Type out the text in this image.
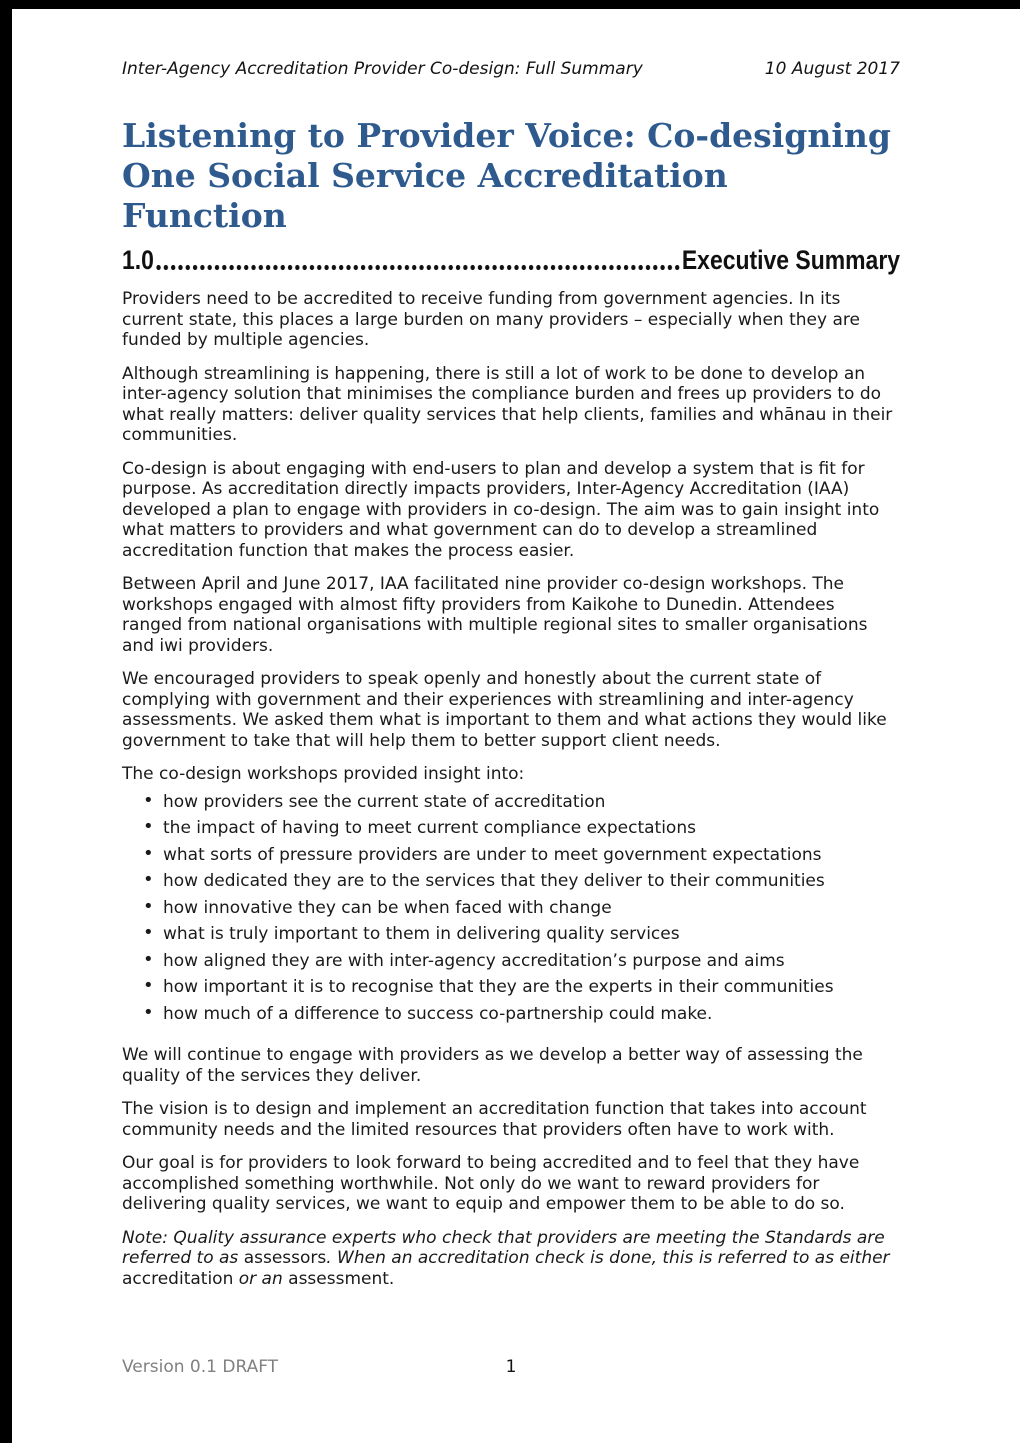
Inter-Agency Accreditation Provider Co-design: Full Summary	10 August 2017
Listening to Provider Voice: Co-designing One Social Service Accreditation Function
1.0	Executive Summary

Providers need to be accredited to receive funding from government agencies. In its current state, this places a large burden on many providers – especially when they are funded by multiple agencies.

Although streamlining is happening, there is still a lot of work to be done to develop an inter-agency solution that minimises the compliance burden and frees up providers to do what really matters: deliver quality services that help clients, families and whānau in their communities.

Co-design is about engaging with end-users to plan and develop a system that is fit for purpose. As accreditation directly impacts providers, Inter-Agency Accreditation (IAA) developed a plan to engage with providers in co-design. The aim was to gain insight into what matters to providers and what government can do to develop a streamlined accreditation function that makes the process easier.

Between April and June 2017, IAA facilitated nine provider co-design workshops. The workshops engaged with almost fifty providers from Kaikohe to Dunedin. Attendees ranged from national organisations with multiple regional sites to smaller organisations and iwi providers.

We encouraged providers to speak openly and honestly about the current state of complying with government and their experiences with streamlining and inter-agency assessments. We asked them what is important to them and what actions they would like government to take that will help them to better support client needs.

The co-design workshops provided insight into:

• how providers see the current state of accreditation
• the impact of having to meet current compliance expectations
• what sorts of pressure providers are under to meet government expectations
• how dedicated they are to the services that they deliver to their communities
• how innovative they can be when faced with change
• what is truly important to them in delivering quality services
• how aligned they are with inter-agency accreditation’s purpose and aims
• how important it is to recognise that they are the experts in their communities
• how much of a difference to success co-partnership could make.

We will continue to engage with providers as we develop a better way of assessing the quality of the services they deliver.

The vision is to design and implement an accreditation function that takes into account community needs and the limited resources that providers often have to work with.

Our goal is for providers to look forward to being accredited and to feel that they have accomplished something worthwhile. Not only do we want to reward providers for delivering quality services, we want to equip and empower them to be able to do so.

Note: Quality assurance experts who check that providers are meeting the Standards are referred to as assessors. When an accreditation check is done, this is referred to as either accreditation or an assessment.

Version 0.1 DRAFT	1
